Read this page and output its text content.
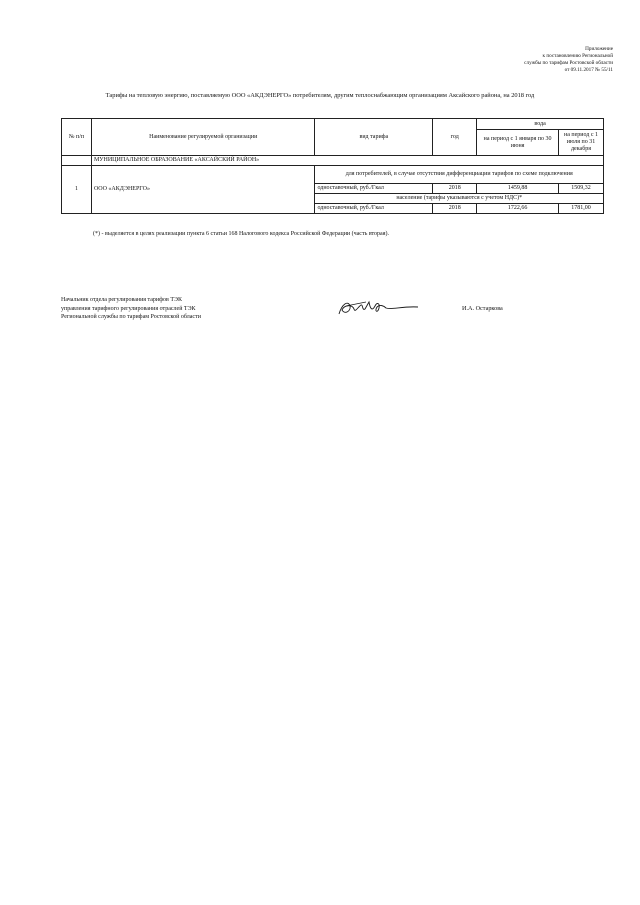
Приложение
к постановлению Региональной
службы по тарифам Ростовской области
от 09.11.2017 № 55/11
Тарифы на тепловую энергию, поставляемую ООО «АКДЭНЕРГО» потребителям, другим теплоснабжающим организациям Аксайского района, на 2018 год
№ п/п	Наименование регулируемой организации	вид тарифа	год	вода	
				на период с 1 января по 30 июня	на период с 1 июля по 31 декабря
	МУНИЦИПАЛЬНОЕ ОБРАЗОВАНИЕ «АКСАЙСКИЙ РАЙОН»				
1	ООО «АКДЭНЕРГО»	для потребителей, в случае отсутствия дифференциации тарифов по схеме подключения			
		одноставочный, руб./Гкал	2018	1459,88	1509,32
		население (тарифы указываются с учетом НДС)*			
		одноставочный, руб./Гкал	2018	1722,66	1781,00
(*) - выделяется в целях реализации пункта 6 статьи 168 Налогового кодекса Российской Федерации (часть вторая).
Начальник отдела регулирования тарифов ТЭК
управления тарифного регулирования отраслей ТЭК
Региональной службы по тарифам Ростовской области
И.А. Остаркова
